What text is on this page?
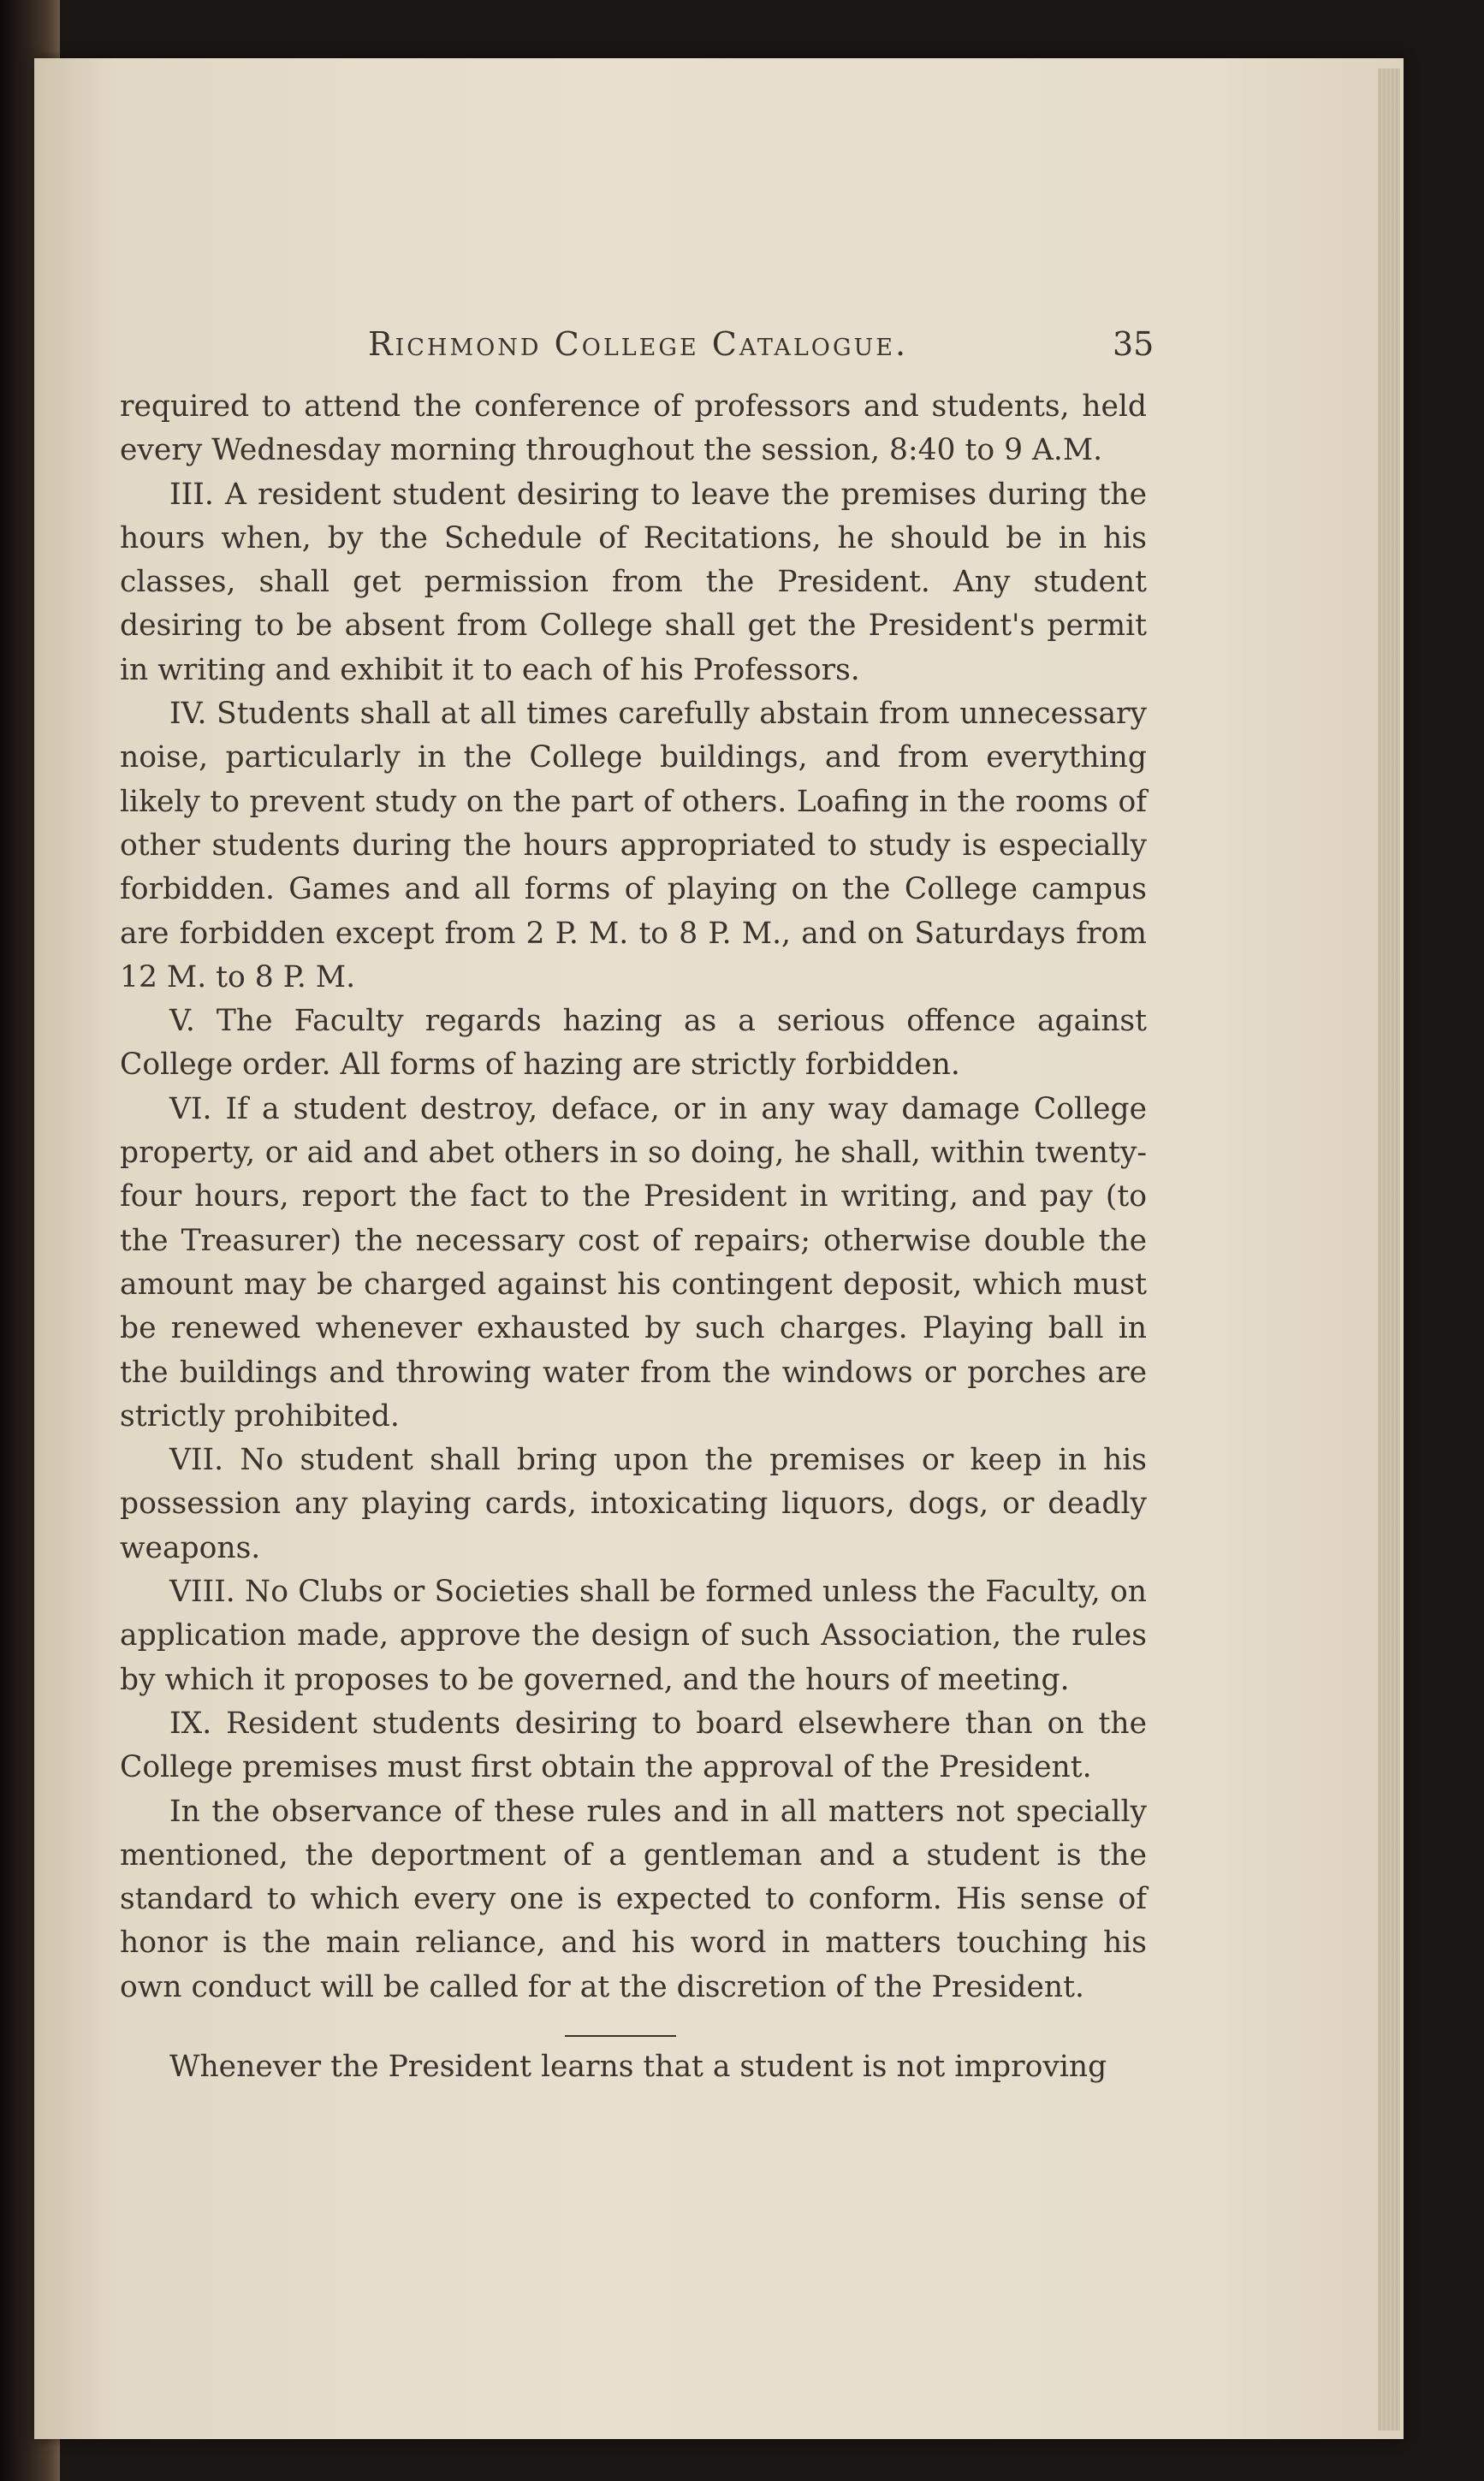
Richmond College Catalogue.	35

required to attend the conference of professors and students, held every Wednesday morning throughout the session, 8:40 to 9 A.M.

III. A resident student desiring to leave the premises during the hours when, by the Schedule of Recitations, he should be in his classes, shall get permission from the President. Any student desiring to be absent from College shall get the President's permit in writing and exhibit it to each of his Professors.

IV. Students shall at all times carefully abstain from unnecessary noise, particularly in the College buildings, and from everything likely to prevent study on the part of others. Loafing in the rooms of other students during the hours appropriated to study is especially forbidden. Games and all forms of playing on the College campus are forbidden except from 2 P. M. to 8 P. M., and on Saturdays from 12 M. to 8 P. M.

V. The Faculty regards hazing as a serious offence against College order. All forms of hazing are strictly forbidden.

VI. If a student destroy, deface, or in any way damage College property, or aid and abet others in so doing, he shall, within twenty-four hours, report the fact to the President in writing, and pay (to the Treasurer) the necessary cost of repairs; otherwise double the amount may be charged against his contingent deposit, which must be renewed whenever exhausted by such charges. Playing ball in the buildings and throwing water from the windows or porches are strictly prohibited.

VII. No student shall bring upon the premises or keep in his possession any playing cards, intoxicating liquors, dogs, or deadly weapons.

VIII. No Clubs or Societies shall be formed unless the Faculty, on application made, approve the design of such Association, the rules by which it proposes to be governed, and the hours of meeting.

IX. Resident students desiring to board elsewhere than on the College premises must first obtain the approval of the President.

In the observance of these rules and in all matters not specially mentioned, the deportment of a gentleman and a student is the standard to which every one is expected to conform. His sense of honor is the main reliance, and his word in matters touching his own conduct will be called for at the discretion of the President.

Whenever the President learns that a student is not improving
